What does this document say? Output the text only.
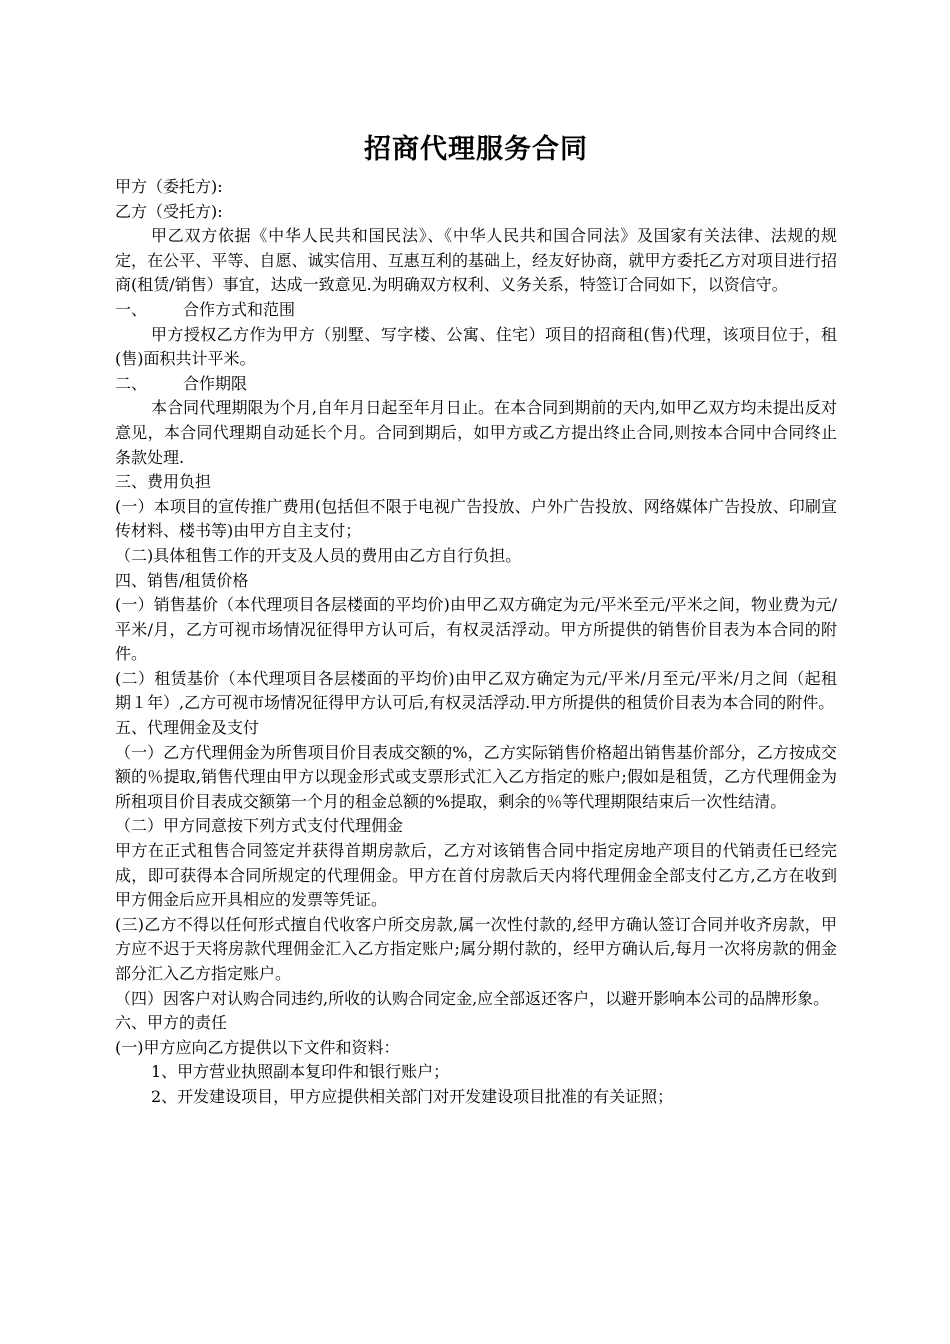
招商代理服务合同

甲方（委托方):

乙方（受托方):

甲乙双方依据《中华人民共和国民法》、《中华人民共和国合同法》及国家有关法律、法规的规定，在公平、平等、自愿、诚实信用、互惠互利的基础上，经友好协商，就甲方委托乙方对项目进行招商(租赁/销售）事宜，达成一致意见.为明确双方权利、义务关系，特签订合同如下，以资信守。

一、 合作方式和范围

甲方授权乙方作为甲方（别墅、写字楼、公寓、住宅）项目的招商租(售)代理，该项目位于，租(售)面积共计平米。

二、 合作期限

本合同代理期限为个月,自年月日起至年月日止。在本合同到期前的天内,如甲乙双方均未提出反对意见，本合同代理期自动延长个月。合同到期后，如甲方或乙方提出终止合同,则按本合同中合同终止条款处理.

三、费用负担

(一）本项目的宣传推广费用(包括但不限于电视广告投放、户外广告投放、网络媒体广告投放、印刷宣传材料、楼书等)由甲方自主支付；

（二)具体租售工作的开支及人员的费用由乙方自行负担。

四、销售/租赁价格

(一）销售基价（本代理项目各层楼面的平均价)由甲乙双方确定为元/平米至元/平米之间，物业费为元/平米/月，乙方可视市场情况征得甲方认可后，有权灵活浮动。甲方所提供的销售价目表为本合同的附件。

(二）租赁基价（本代理项目各层楼面的平均价)由甲乙双方确定为元/平米/月至元/平米/月之间（起租期１年）,乙方可视市场情况征得甲方认可后,有权灵活浮动.甲方所提供的租赁价目表为本合同的附件。

五、代理佣金及支付

（一）乙方代理佣金为所售项目价目表成交额的%，乙方实际销售价格超出销售基价部分，乙方按成交额的％提取,销售代理由甲方以现金形式或支票形式汇入乙方指定的账户;假如是租赁，乙方代理佣金为所租项目价目表成交额第一个月的租金总额的%提取，剩余的％等代理期限结束后一次性结清。

（二）甲方同意按下列方式支付代理佣金

甲方在正式租售合同签定并获得首期房款后，乙方对该销售合同中指定房地产项目的代销责任已经完成，即可获得本合同所规定的代理佣金。甲方在首付房款后天内将代理佣金全部支付乙方,乙方在收到甲方佣金后应开具相应的发票等凭证。

(三)乙方不得以任何形式擅自代收客户所交房款,属一次性付款的,经甲方确认签订合同并收齐房款，甲方应不迟于天将房款代理佣金汇入乙方指定账户;属分期付款的，经甲方确认后,每月一次将房款的佣金部分汇入乙方指定账户。

（四）因客户对认购合同违约,所收的认购合同定金,应全部返还客户，以避开影响本公司的品牌形象。

六、甲方的责任

(一)甲方应向乙方提供以下文件和资料：

1、甲方营业执照副本复印件和银行账户；

2、开发建设项目，甲方应提供相关部门对开发建设项目批准的有关证照；
